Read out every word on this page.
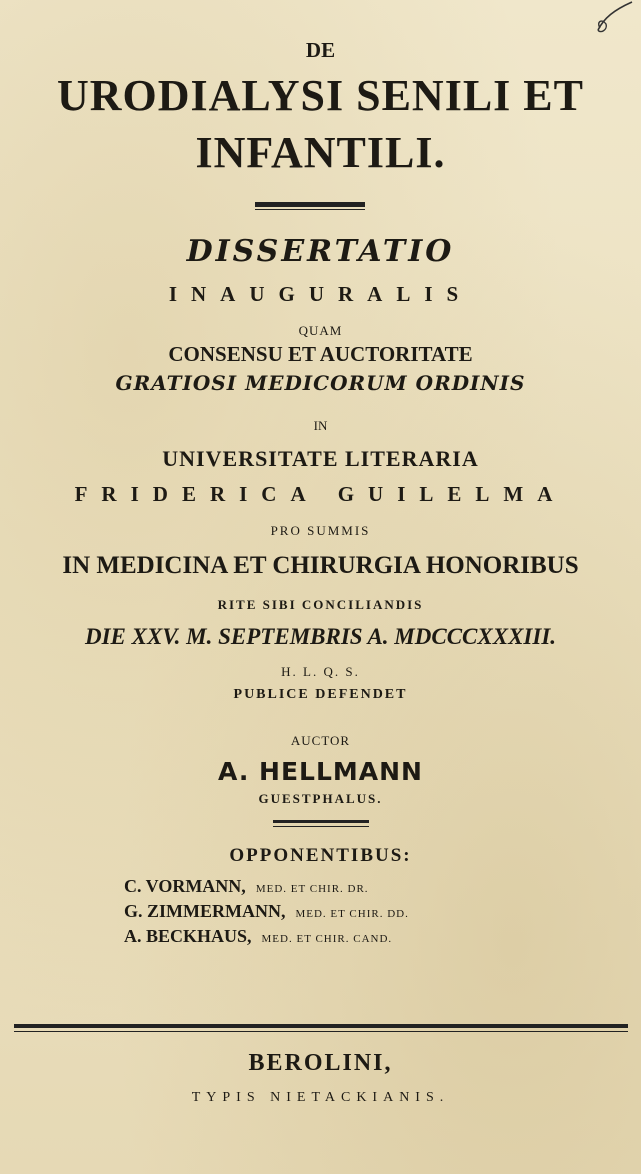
DE
URODIALYSI SENILI ET
INFANTILI.
DISSERTATIO
INAUGURALIS
QUAM
CONSENSU ET AUCTORITATE
GRATIOSI MEDICORUM ORDINIS
IN
UNIVERSITATE LITERARIA
FRIDERICA GUILELMA
PRO SUMMIS
IN MEDICINA ET CHIRURGIA HONORIBUS
RITE SIBI CONCILIANDIS
DIE XXV. M. SEPTEMBRIS A. MDCCCXXXIII.
H. L. Q. S.
PUBLICE DEFENDET
AUCTOR
A. HELLMANN
GUESTPHALUS.
OPPONENTIBUS:
C. VORMANN, MED. ET CHIR. DR.
G. ZIMMERMANN, MED. ET CHIR. DD.
A. BECKHAUS, MED. ET CHIR. CAND.
BEROLINI,
TYPIS NIETACKIANIS.
